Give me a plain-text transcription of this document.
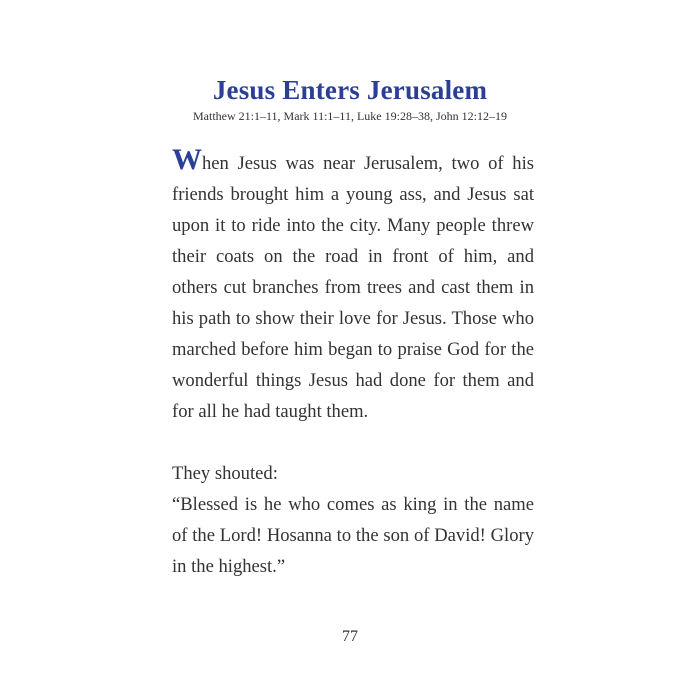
Jesus Enters Jerusalem
Matthew 21:1–11, Mark 11:1–11, Luke 19:28–38, John 12:12–19

When Jesus was near Jerusalem, two of his friends brought him a young ass, and Jesus sat upon it to ride into the city. Many people threw their coats on the road in front of him, and others cut branches from trees and cast them in his path to show their love for Jesus. Those who marched before him began to praise God for the wonderful things Jesus had done for them and for all he had taught them.

They shouted:

“Blessed is he who comes as king in the name of the Lord! Hosanna to the son of David! Glory in the highest.”

77
